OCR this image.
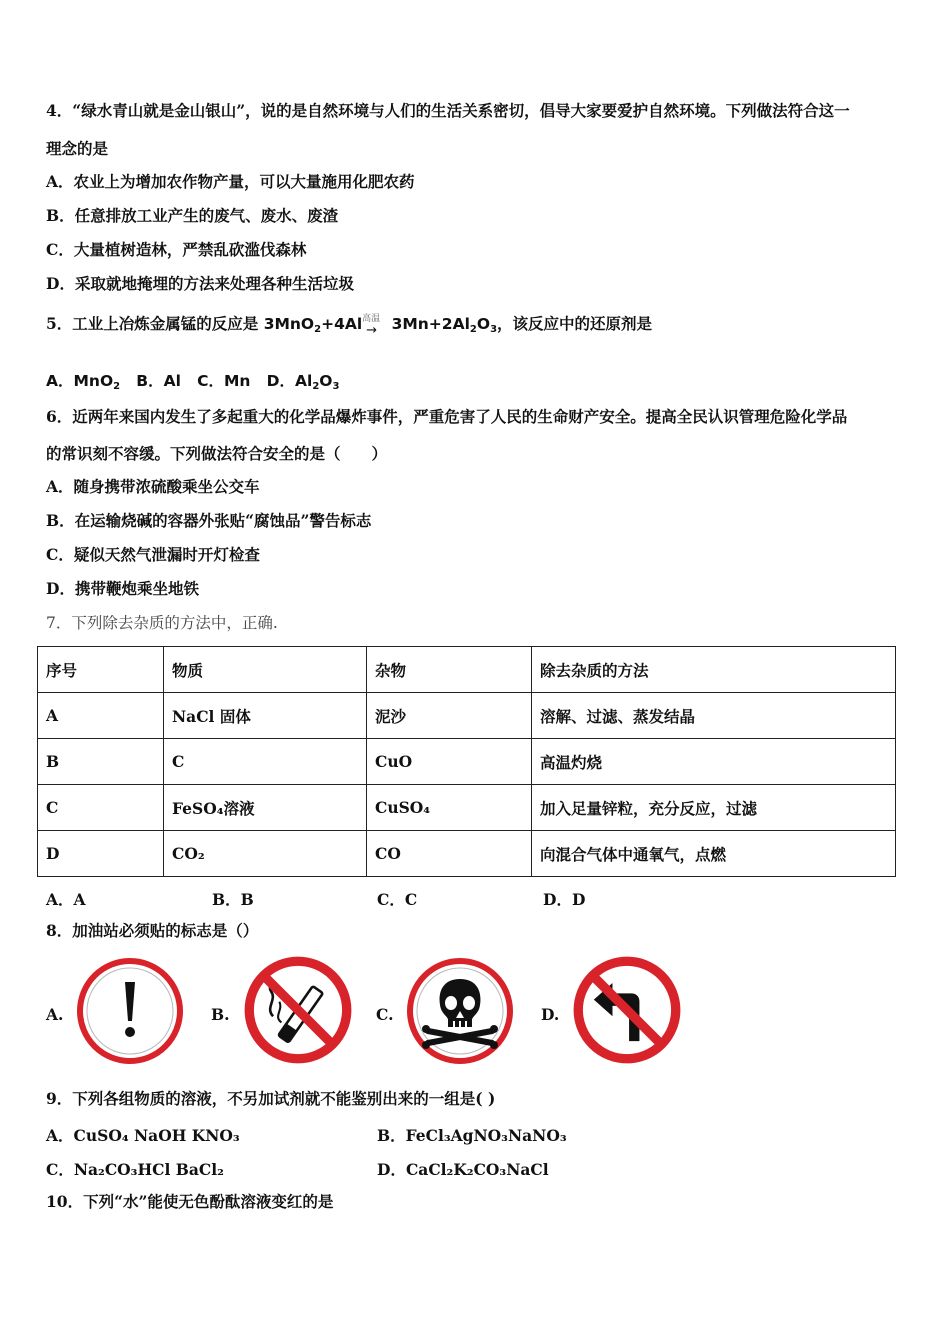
4．“绿水青山就是金山银山”，说的是自然环境与人们的生活关系密切，倡导大家要爱护自然环境。下列做法符合这一
理念的是
A．农业上为增加农作物产量，可以大量施用化肥农药
B．任意排放工业产生的废气、废水、废渣
C．大量植树造林，严禁乱砍滥伐森林
D．采取就地掩埋的方法来处理各种生活垃圾
5．工业上冶炼金属锰的反应是 3MnO$_2$+4Al 高温
→ $3Mn+2Al_2O_3$，该反应中的还原剂是
A．MnO$_2$   B．Al   C．Mn   D．$Al_2O_3$
6．近两年来国内发生了多起重大的化学品爆炸事件，严重危害了人民的生命财产安全。提高全民认识管理危险化学品
的常识刻不容缓。下列做法符合安全的是（　　）
A．随身携带浓硫酸乘坐公交车
B．在运输烧碱的容器外张贴“腐蚀品”警告标志
C．疑似天然气泄漏时开灯检查
D．携带鞭炮乘坐地铁
7．下列除去杂质的方法中，正确.
序号	物质	杂物	除去杂质的方法
A	NaCl 固体	泥沙	溶解、过滤、蒸发结晶
B	C	CuO	高温灼烧
C	FeSO₄溶液	CuSO₄	加入足量锌粒，充分反应，过滤
D	CO₂	CO	向混合气体中通氧气，点燃
A．A	B．B	C．C	D．D
8．加油站必须贴的标志是（）
A.	B.	C.	D.
9．下列各组物质的溶液，不另加试剂就不能鉴别出来的一组是( )
A．CuSO₄ NaOH KNO₃	B．FeCl₃AgNO₃NaNO₃
C．Na₂CO₃HCl BaCl₂	D．CaCl₂K₂CO₃NaCl
10．下列“水”能使无色酚酞溶液变红的是
